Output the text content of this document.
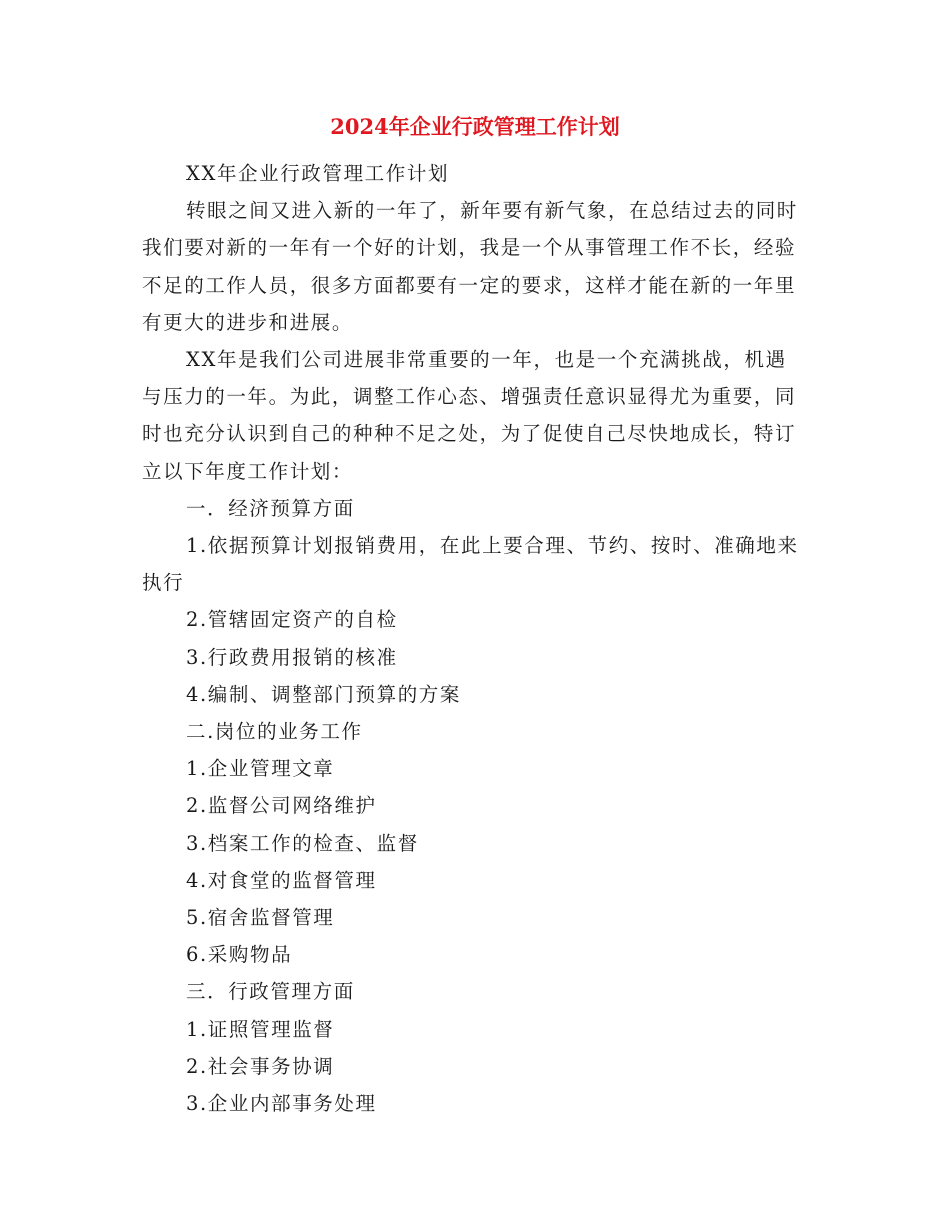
2024年企业行政管理工作计划

XX年企业行政管理工作计划

转眼之间又进入新的一年了，新年要有新气象，在总结过去的同时我们要对新的一年有一个好的计划，我是一个从事管理工作不长，经验不足的工作人员，很多方面都要有一定的要求，这样才能在新的一年里有更大的进步和进展。

XX年是我们公司进展非常重要的一年，也是一个充满挑战，机遇与压力的一年。为此，调整工作心态、增强责任意识显得尤为重要，同时也充分认识到自己的种种不足之处，为了促使自己尽快地成长，特订立以下年度工作计划：

一．经济预算方面

1.依据预算计划报销费用，在此上要合理、节约、按时、准确地来执行

2.管辖固定资产的自检

3.行政费用报销的核准

4.编制、调整部门预算的方案

二.岗位的业务工作

1.企业管理文章

2.监督公司网络维护

3.档案工作的检查、监督

4.对食堂的监督管理

5.宿舍监督管理

6.采购物品

三．行政管理方面

1.证照管理监督

2.社会事务协调

3.企业内部事务处理
